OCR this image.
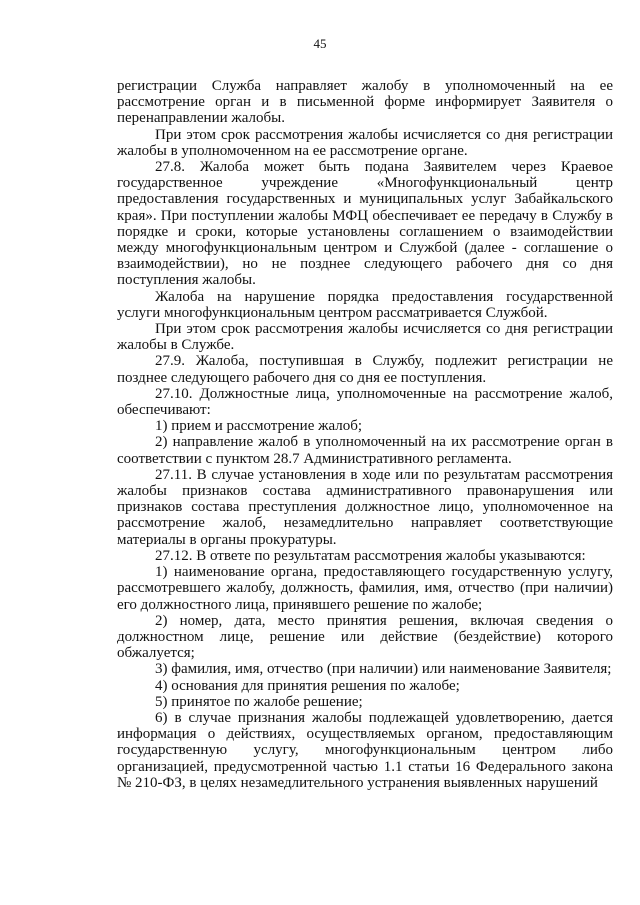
45

регистрации Служба направляет жалобу в уполномоченный на ее рассмотрение орган и в письменной форме информирует Заявителя о перенаправлении жалобы.

При этом срок рассмотрения жалобы исчисляется со дня регистрации жалобы в уполномоченном на ее рассмотрение органе.

27.8. Жалоба может быть подана Заявителем через Краевое государственное учреждение «Многофункциональный центр предоставления государственных и муниципальных услуг Забайкальского края». При поступлении жалобы МФЦ обеспечивает ее передачу в Службу в порядке и сроки, которые установлены соглашением о взаимодействии между многофункциональным центром и Службой (далее - соглашение о взаимодействии), но не позднее следующего рабочего дня со дня поступления жалобы.

Жалоба на нарушение порядка предоставления государственной услуги многофункциональным центром рассматривается Службой.

При этом срок рассмотрения жалобы исчисляется со дня регистрации жалобы в Службе.

27.9. Жалоба, поступившая в Службу, подлежит регистрации не позднее следующего рабочего дня со дня ее поступления.

27.10. Должностные лица, уполномоченные на рассмотрение жалоб, обеспечивают:

1) прием и рассмотрение жалоб;

2) направление жалоб в уполномоченный на их рассмотрение орган в соответствии с пунктом 28.7 Административного регламента.

27.11. В случае установления в ходе или по результатам рассмотрения жалобы признаков состава административного правонарушения или признаков состава преступления должностное лицо, уполномоченное на рассмотрение жалоб, незамедлительно направляет соответствующие материалы в органы прокуратуры.

27.12. В ответе по результатам рассмотрения жалобы указываются:

1) наименование органа, предоставляющего государственную услугу, рассмотревшего жалобу, должность, фамилия, имя, отчество (при наличии) его должностного лица, принявшего решение по жалобе;

2) номер, дата, место принятия решения, включая сведения о должностном лице, решение или действие (бездействие) которого обжалуется;

3) фамилия, имя, отчество (при наличии) или наименование Заявителя;

4) основания для принятия решения по жалобе;

5) принятое по жалобе решение;

6) в случае признания жалобы подлежащей удовлетворению, дается информация о действиях, осуществляемых органом, предоставляющим государственную услугу, многофункциональным центром либо организацией, предусмотренной частью 1.1 статьи 16 Федерального закона № 210-ФЗ, в целях незамедлительного устранения выявленных нарушений
